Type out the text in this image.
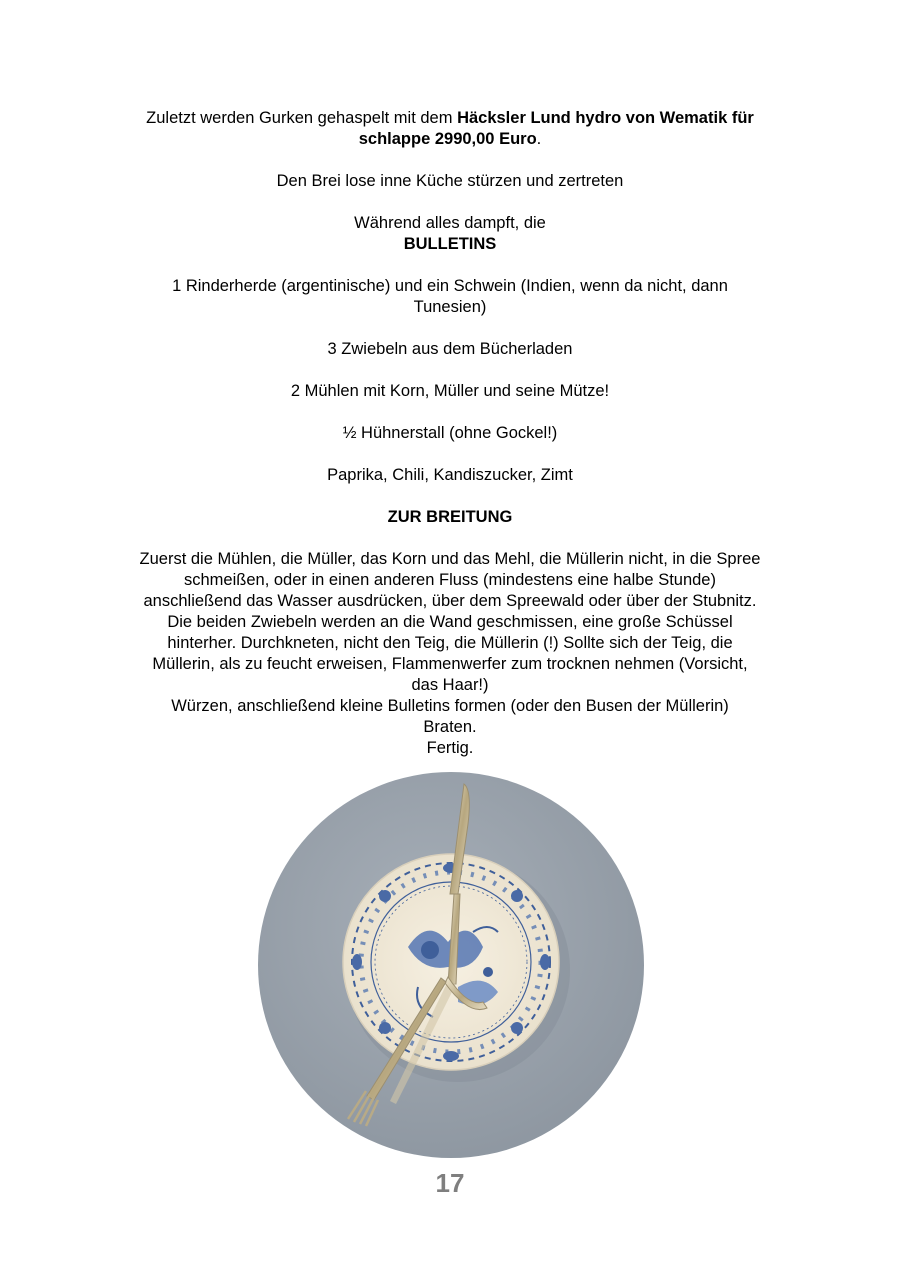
Zuletzt werden Gurken gehaspelt mit dem Häcksler Lund hydro von Wematik für
schlappe 2990,00 Euro.
Den Brei lose inne Küche stürzen und zertreten
Während alles dampft, die
BULLETINS
1 Rinderherde (argentinische) und ein Schwein (Indien, wenn da nicht, dann
Tunesien)
3 Zwiebeln aus dem Bücherladen
2 Mühlen mit Korn, Müller und seine Mütze!
½ Hühnerstall (ohne Gockel!)
Paprika, Chili, Kandiszucker, Zimt
ZUR BREITUNG
Zuerst die Mühlen, die Müller, das Korn und das Mehl, die Müllerin nicht, in die Spree
schmeißen, oder in einen anderen Fluss (mindestens eine halbe Stunde)
anschließend das Wasser ausdrücken, über dem Spreewald oder über der Stubnitz.
Die beiden Zwiebeln werden an die Wand geschmissen, eine große Schüssel
hinterher. Durchkneten, nicht den Teig, die Müllerin (!) Sollte sich der Teig, die
Müllerin, als zu feucht erweisen, Flammenwerfer zum trocknen nehmen (Vorsicht,
das Haar!)
Würzen, anschließend kleine Bulletins formen (oder den Busen der Müllerin)
Braten.
Fertig.
17
